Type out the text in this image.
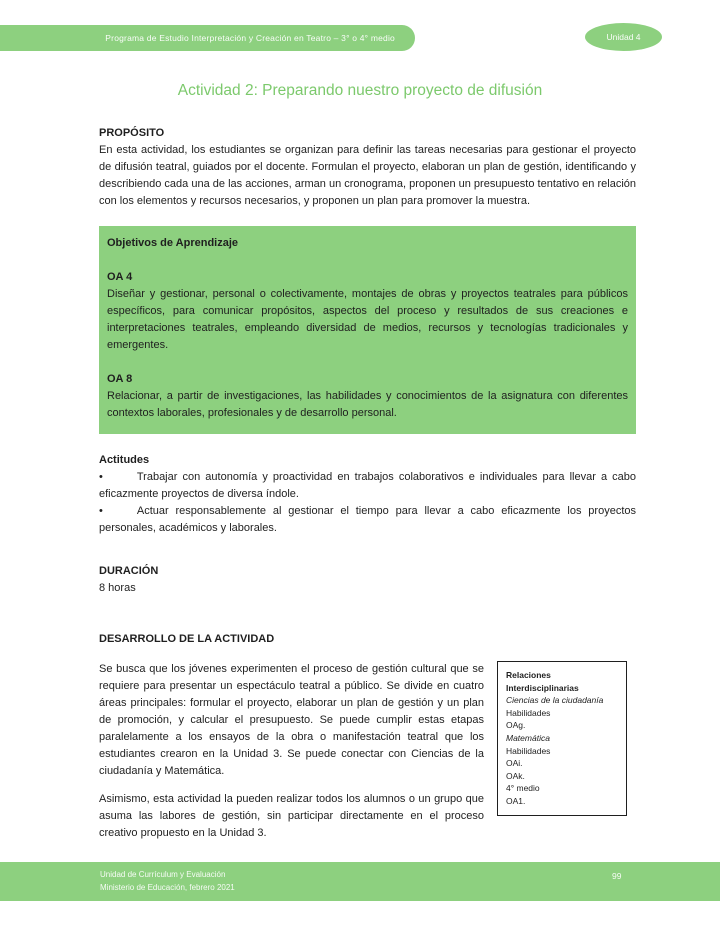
Programa de Estudio Interpretación y Creación en Teatro – 3° o 4° medio	Unidad 4
Actividad 2: Preparando nuestro proyecto de difusión
PROPÓSITO

En esta actividad, los estudiantes se organizan para definir las tareas necesarias para gestionar el proyecto de difusión teatral, guiados por el docente. Formulan el proyecto, elaboran un plan de gestión, identificando y describiendo cada una de las acciones, arman un cronograma, proponen un presupuesto tentativo en relación con los elementos y recursos necesarios, y proponen un plan para promover la muestra.

Objetivos de Aprendizaje
OA 4

Diseñar y gestionar, personal o colectivamente, montajes de obras y proyectos teatrales para públicos específicos, para comunicar propósitos, aspectos del proceso y resultados de sus creaciones e interpretaciones teatrales, empleando diversidad de medios, recursos y tecnologías tradicionales y emergentes.

OA 8

Relacionar, a partir de investigaciones, las habilidades y conocimientos de la asignatura con diferentes contextos laborales, profesionales y de desarrollo personal.

Actitudes

•	Trabajar con autonomía y proactividad en trabajos colaborativos e individuales para llevar a cabo eficazmente proyectos de diversa índole.

•	Actuar responsablemente al gestionar el tiempo para llevar a cabo eficazmente los proyectos personales, académicos y laborales.

DURACIÓN
8 horas
DESARROLLO DE LA ACTIVIDAD

Se busca que los jóvenes experimenten el proceso de gestión cultural que se requiere para presentar un espectáculo teatral a público. Se divide en cuatro áreas principales: formular el proyecto, elaborar un plan de gestión y un plan de promoción, y calcular el presupuesto. Se puede cumplir estas etapas paralelamente a los ensayos de la obra o manifestación teatral que los estudiantes crearon en la Unidad 3. Se puede conectar con Ciencias de la ciudadanía y Matemática.

Asimismo, esta actividad la pueden realizar todos los alumnos o un grupo que asuma las labores de gestión, sin participar directamente en el proceso creativo propuesto en la Unidad 3.

Relaciones Interdisciplinarias
Ciencias de la ciudadanía
Habilidades
OAg.
Matemática
Habilidades
OAi.
OAk.
4° medio
OA1.
Unidad de Currículum y Evaluación
Ministerio de Educación, febrero 2021
99
